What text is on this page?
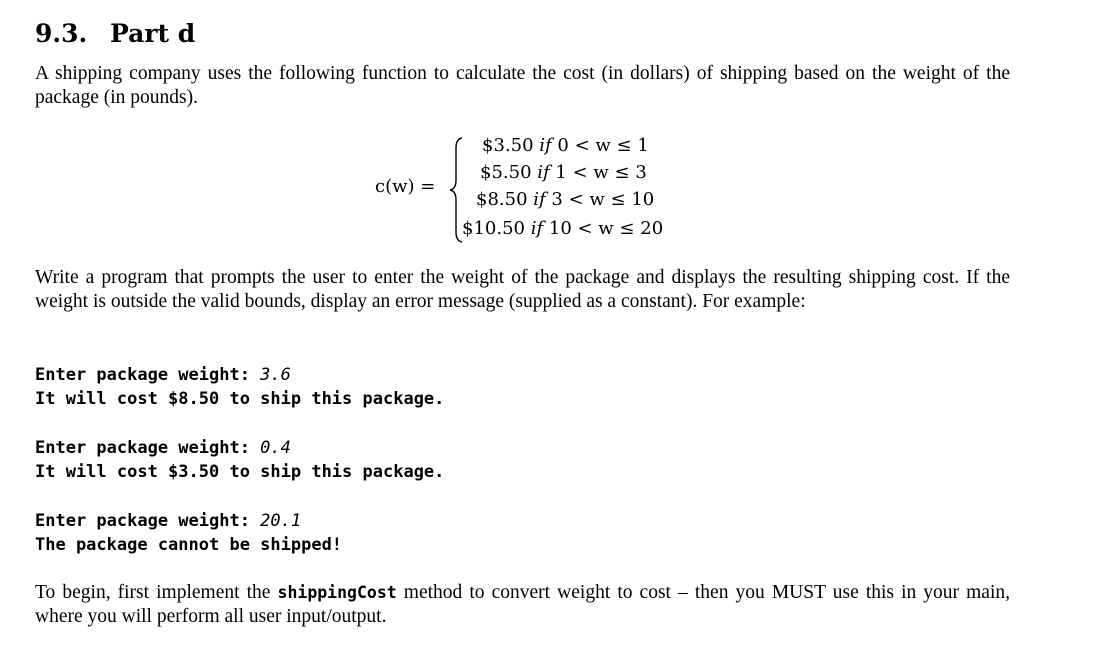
9.3. Part d
A shipping company uses the following function to calculate the cost (in dollars) of shipping based on the weight of the package (in pounds).
c(w) =
$3.50 if 0 < w ≤ 1
$5.50 if 1 < w ≤ 3
$8.50 if 3 < w ≤ 10
$10.50 if 10 < w ≤ 20
Write a program that prompts the user to enter the weight of the package and displays the resulting shipping cost. If the weight is outside the valid bounds, display an error message (supplied as a constant). For example:
Enter package weight: 3.6
It will cost $8.50 to ship this package.
Enter package weight: 0.4
It will cost $3.50 to ship this package.
Enter package weight: 20.1
The package cannot be shipped!
To begin, first implement the shippingCost method to convert weight to cost – then you MUST use this in your main, where you will perform all user input/output.
